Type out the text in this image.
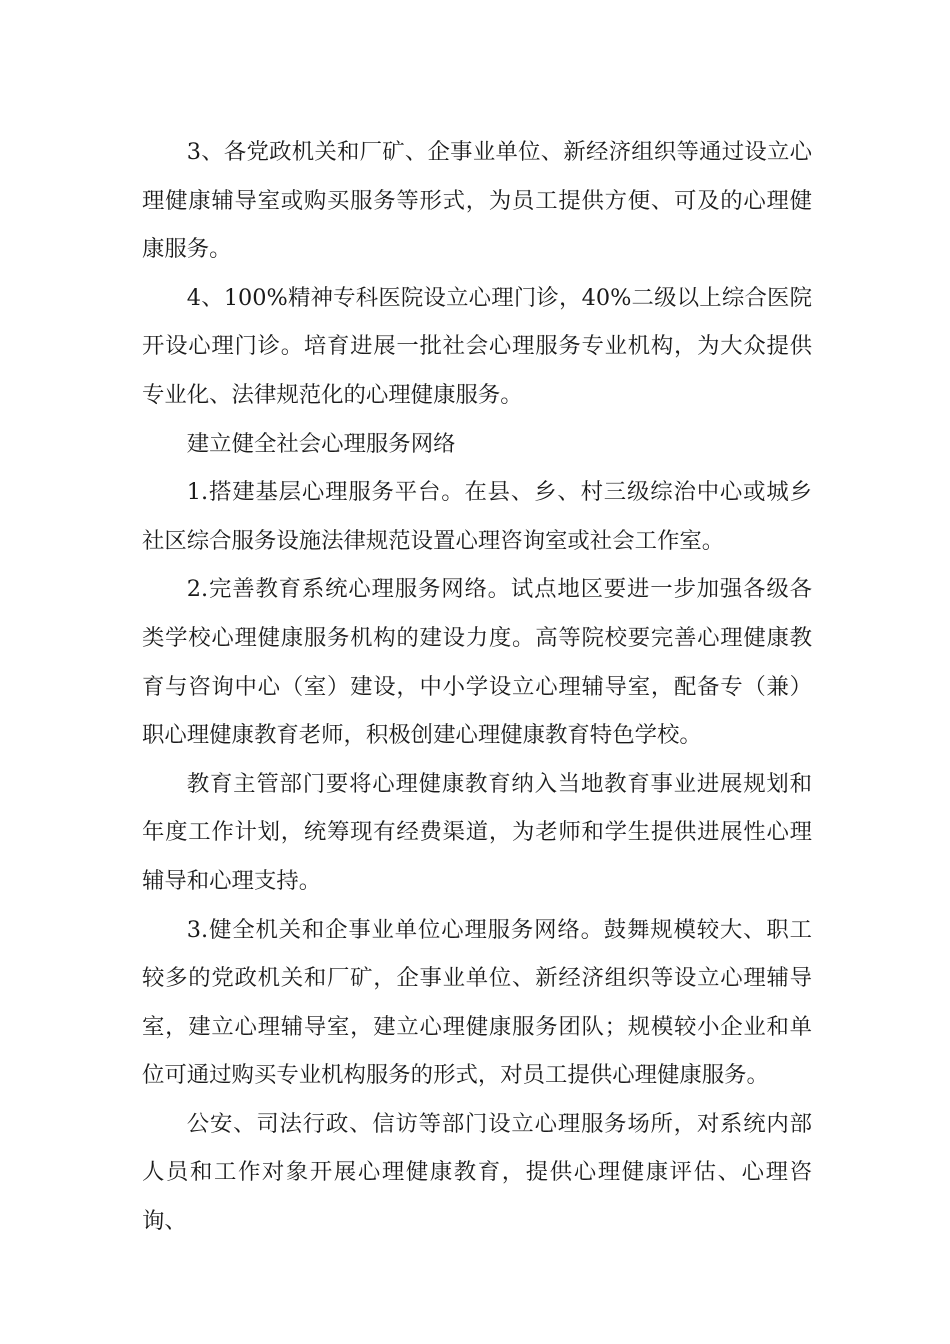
3、各党政机关和厂矿、企事业单位、新经济组织等通过设立心理健康辅导室或购买服务等形式，为员工提供方便、可及的心理健康服务。

4、100%精神专科医院设立心理门诊，40%二级以上综合医院开设心理门诊。培育进展一批社会心理服务专业机构，为大众提供专业化、法律规范化的心理健康服务。

建立健全社会心理服务网络

1.搭建基层心理服务平台。在县、乡、村三级综治中心或城乡社区综合服务设施法律规范设置心理咨询室或社会工作室。

2.完善教育系统心理服务网络。试点地区要进一步加强各级各类学校心理健康服务机构的建设力度。高等院校要完善心理健康教育与咨询中心（室）建设，中小学设立心理辅导室，配备专（兼）职心理健康教育老师，积极创建心理健康教育特色学校。

教育主管部门要将心理健康教育纳入当地教育事业进展规划和年度工作计划，统筹现有经费渠道，为老师和学生提供进展性心理辅导和心理支持。

3.健全机关和企事业单位心理服务网络。鼓舞规模较大、职工较多的党政机关和厂矿，企事业单位、新经济组织等设立心理辅导室，建立心理辅导室，建立心理健康服务团队；规模较小企业和单位可通过购买专业机构服务的形式，对员工提供心理健康服务。

公安、司法行政、信访等部门设立心理服务场所，对系统内部人员和工作对象开展心理健康教育，提供心理健康评估、心理咨询、
